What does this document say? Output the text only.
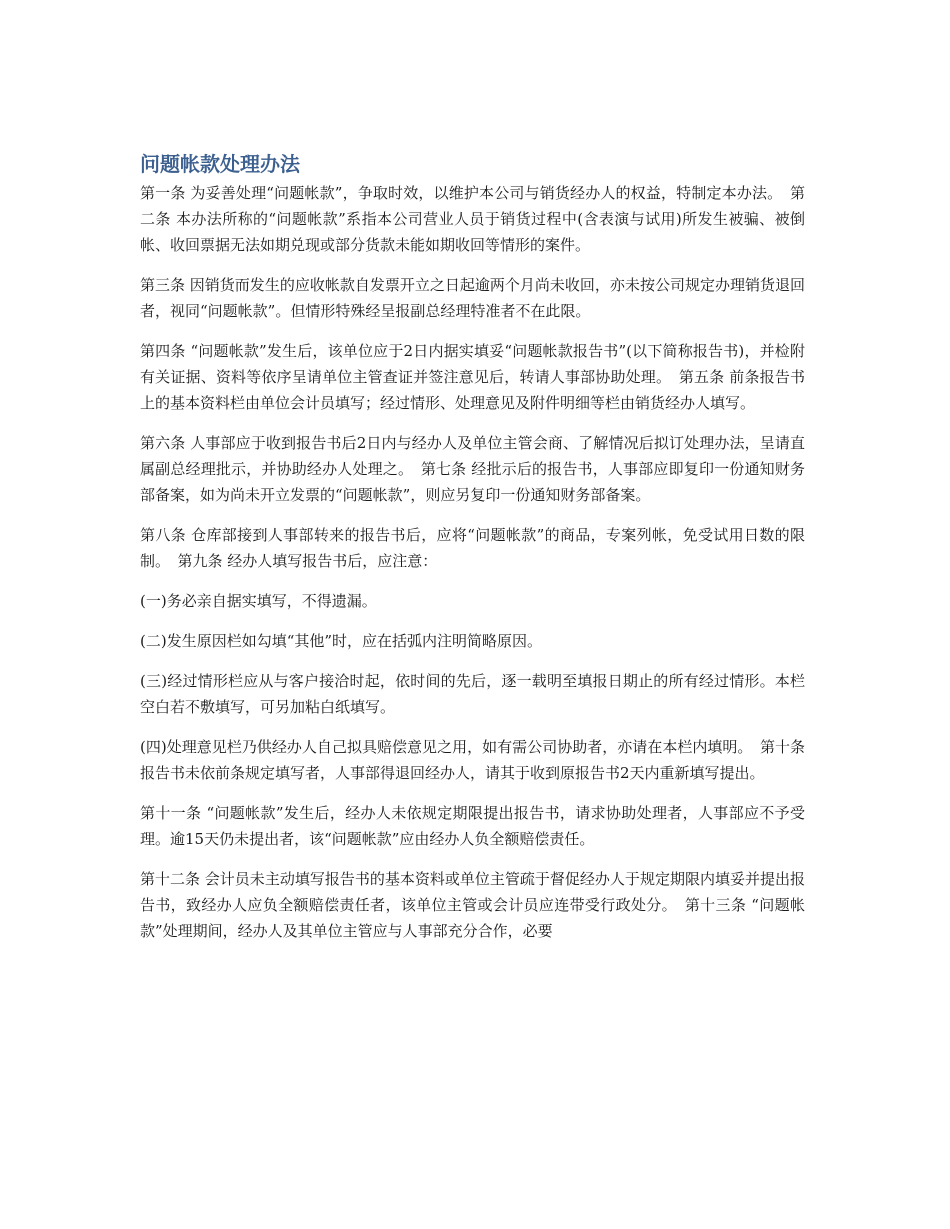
问题帐款处理办法

第一条 为妥善处理“问题帐款”，争取时效，以维护本公司与销货经办人的权益，特制定本办法。　第二条 本办法所称的“问题帐款”系指本公司营业人员于销货过程中(含表演与试用)所发生被骗、被倒帐、收回票据无法如期兑现或部分货款未能如期收回等情形的案件。

第三条 因销货而发生的应收帐款自发票开立之日起逾两个月尚未收回，亦未按公司规定办理销货退回者，视同“问题帐款”。但情形特殊经呈报副总经理特准者不在此限。

第四条 “问题帐款”发生后，该单位应于2日内据实填妥“问题帐款报告书”(以下简称报告书)，并检附有关证据、资料等依序呈请单位主管查证并签注意见后，转请人事部协助处理。　第五条 前条报告书上的基本资料栏由单位会计员填写；经过情形、处理意见及附件明细等栏由销货经办人填写。

第六条 人事部应于收到报告书后2日内与经办人及单位主管会商、了解情况后拟订处理办法，呈请直属副总经理批示，并协助经办人处理之。　第七条 经批示后的报告书，人事部应即复印一份通知财务部备案，如为尚未开立发票的“问题帐款”，则应另复印一份通知财务部备案。

第八条 仓库部接到人事部转来的报告书后，应将“问题帐款”的商品，专案列帐，免受试用日数的限制。　第九条 经办人填写报告书后，应注意：

(一)务必亲自据实填写，不得遗漏。

(二)发生原因栏如勾填“其他”时，应在括弧内注明简略原因。

(三)经过情形栏应从与客户接洽时起，依时间的先后，逐一载明至填报日期止的所有经过情形。本栏空白若不敷填写，可另加粘白纸填写。

(四)处理意见栏乃供经办人自己拟具赔偿意见之用，如有需公司协助者，亦请在本栏内填明。　第十条 报告书未依前条规定填写者，人事部得退回经办人，请其于收到原报告书2天内重新填写提出。

第十一条 “问题帐款”发生后，经办人未依规定期限提出报告书，请求协助处理者，人事部应不予受理。逾15天仍未提出者，该“问题帐款”应由经办人负全额赔偿责任。

第十二条 会计员未主动填写报告书的基本资料或单位主管疏于督促经办人于规定期限内填妥并提出报告书，致经办人应负全额赔偿责任者，该单位主管或会计员应连带受行政处分。　第十三条 “问题帐款”处理期间，经办人及其单位主管应与人事部充分合作，必要
